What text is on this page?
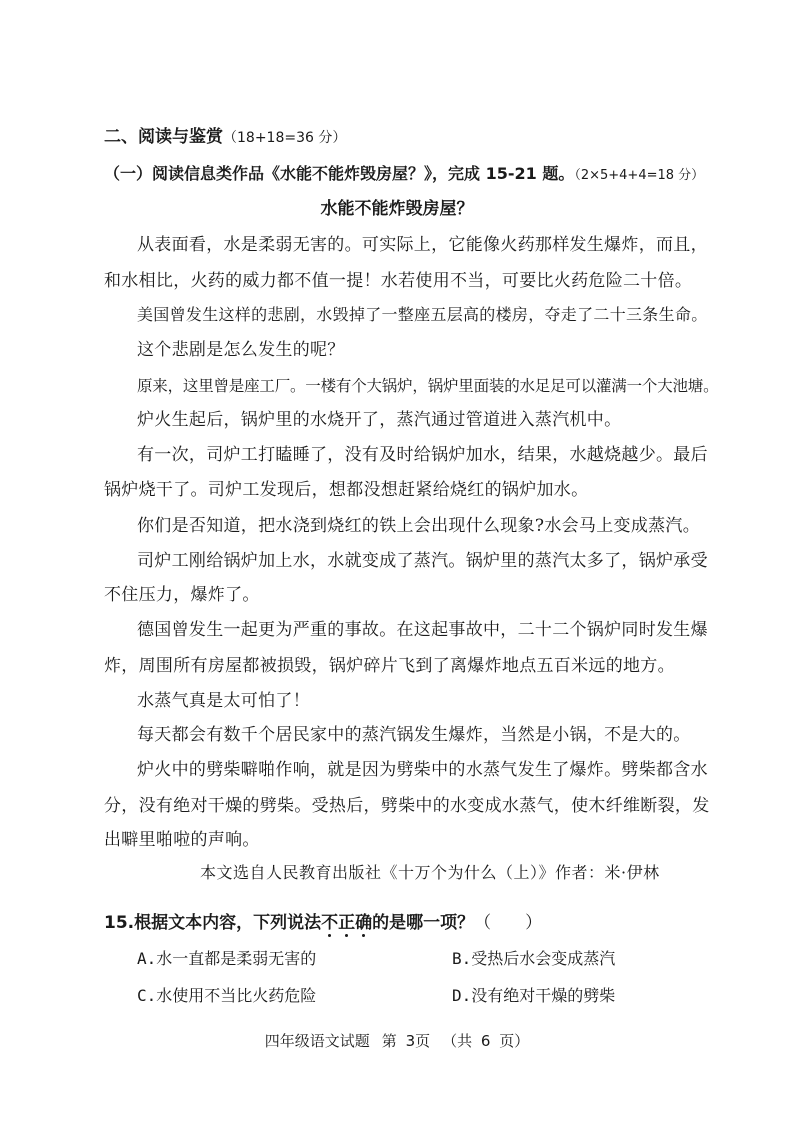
二、阅读与鉴赏（18+18=36 分）
（一）阅读信息类作品《水能不能炸毁房屋？》，完成 15-21 题。（2×5+4+4=18 分）
水能不能炸毁房屋？
从表面看，水是柔弱无害的。可实际上，它能像火药那样发生爆炸，而且，
和水相比，火药的威力都不值一提！水若使用不当，可要比火药危险二十倍。
美国曾发生这样的悲剧，水毁掉了一整座五层高的楼房，夺走了二十三条生命。
这个悲剧是怎么发生的呢？
原来，这里曾是座工厂。一楼有个大锅炉，锅炉里面装的水足足可以灌满一个大池塘。
炉火生起后，锅炉里的水烧开了，蒸汽通过管道进入蒸汽机中。
有一次，司炉工打瞌睡了，没有及时给锅炉加水，结果，水越烧越少。最后
锅炉烧干了。司炉工发现后，想都没想赶紧给烧红的锅炉加水。
你们是否知道，把水浇到烧红的铁上会出现什么现象?水会马上变成蒸汽。
司炉工刚给锅炉加上水，水就变成了蒸汽。锅炉里的蒸汽太多了，锅炉承受
不住压力，爆炸了。
德国曾发生一起更为严重的事故。在这起事故中，二十二个锅炉同时发生爆
炸，周围所有房屋都被损毁，锅炉碎片飞到了离爆炸地点五百米远的地方。
水蒸气真是太可怕了！
每天都会有数千个居民家中的蒸汽锅发生爆炸，当然是小锅，不是大的。
炉火中的劈柴噼啪作响，就是因为劈柴中的水蒸气发生了爆炸。劈柴都含水
分，没有绝对干燥的劈柴。受热后，劈柴中的水变成水蒸气，使木纤维断裂，发
出噼里啪啦的声响。
本文选自人民教育出版社《十万个为什么（上）》作者：米·伊林
15.根据文本内容，下列说法不正确的是哪一项？（　　）
A.水一直都是柔弱无害的	B.受热后水会变成蒸汽
C.水使用不当比火药危险	D.没有绝对干燥的劈柴
四年级语文试题 第 3页 （共 6 页）
